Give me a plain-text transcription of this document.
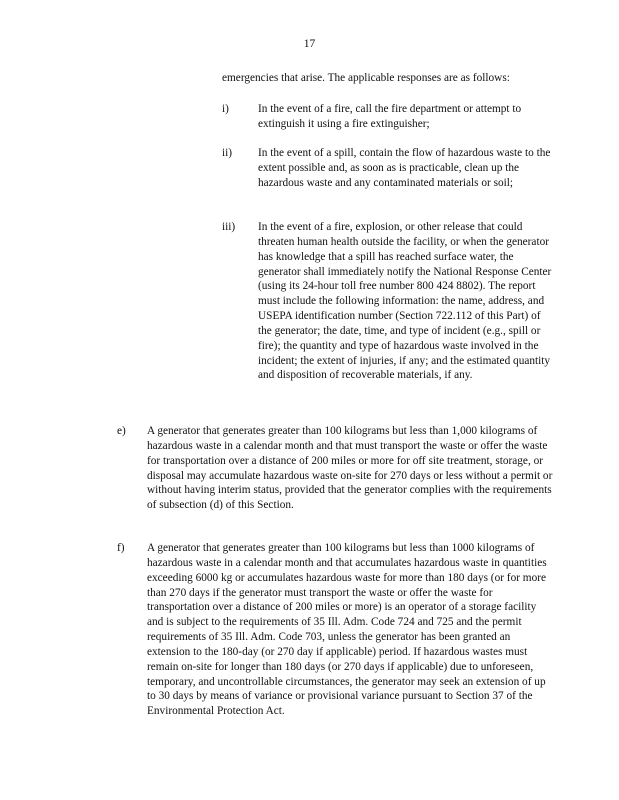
17
emergencies that arise. The applicable responses are as follows:
i)	In the event of a fire, call the fire department or attempt to extinguish it using a fire extinguisher;
ii) In the event of a spill, contain the flow of hazardous waste to the extent possible and, as soon as is practicable, clean up the hazardous waste and any contaminated materials or soil;
iii) In the event of a fire, explosion, or other release that could threaten human health outside the facility, or when the generator has knowledge that a spill has reached surface water, the generator shall immediately notify the National Response Center (using its 24-hour toll free number 800 424 8802). The report must include the following information: the name, address, and USEPA identification number (Section 722.112 of this Part) of the generator; the date, time, and type of incident (e.g., spill or fire); the quantity and type of hazardous waste involved in the incident; the extent of injuries, if any; and the estimated quantity and disposition of recoverable materials, if any.
e) A generator that generates greater than 100 kilograms but less than 1,000 kilograms of hazardous waste in a calendar month and that must transport the waste or offer the waste for transportation over a distance of 200 miles or more for off site treatment, storage, or disposal may accumulate hazardous waste on-site for 270 days or less without a permit or without having interim status, provided that the generator complies with the requirements of subsection (d) of this Section.
f) A generator that generates greater than 100 kilograms but less than 1000 kilograms of hazardous waste in a calendar month and that accumulates hazardous waste in quantities exceeding 6000 kg or accumulates hazardous waste for more than 180 days (or for more than 270 days if the generator must transport the waste or offer the waste for transportation over a distance of 200 miles or more) is an operator of a storage facility and is subject to the requirements of 35 Ill. Adm. Code 724 and 725 and the permit requirements of 35 Ill. Adm. Code 703, unless the generator has been granted an extension to the 180-day (or 270 day if applicable) period. If hazardous wastes must remain on-site for longer than 180 days (or 270 days if applicable) due to unforeseen, temporary, and uncontrollable circumstances, the generator may seek an extension of up to 30 days by means of variance or provisional variance pursuant to Section 37 of the Environmental Protection Act.
